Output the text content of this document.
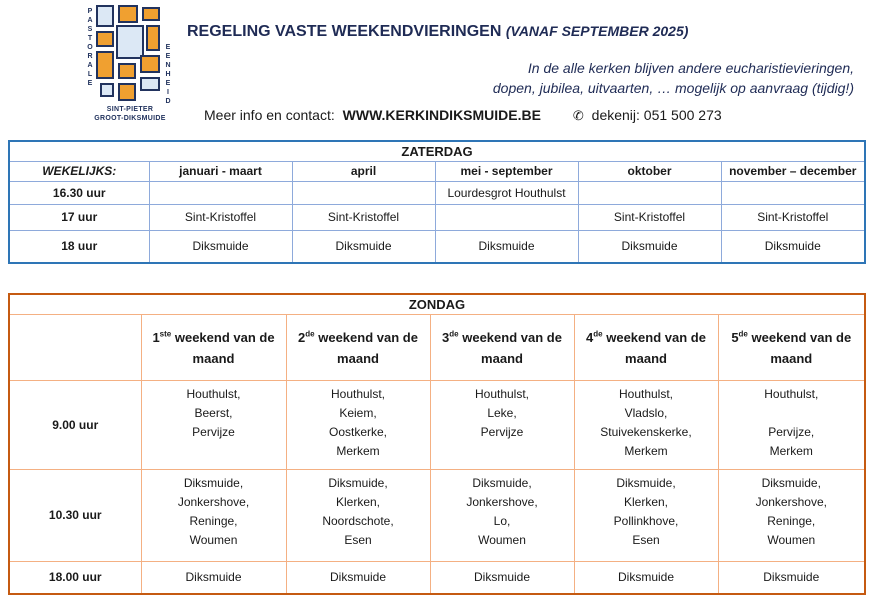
P
A
S
T
O
R
A
L
E
E
E
N
H
E
I
D
SINT-PIETER
GROOT-DIKSMUIDE
REGELING VASTE WEEKENDVIERINGEN (VANAF SEPTEMBER 2025)
In de alle kerken blijven andere eucharistievieringen,
dopen, jubilea, uitvaarten, … mogelijk op aanvraag (tijdig!)
Meer info en contact: WWW.KERKINDIKSMUIDE.BE ✆ dekenij: 051 500 273
ZATERDAG					
WEKELIJKS:	januari - maart	april	mei - september	oktober	november – december
16.30 uur			Lourdesgrot Houthulst		
17 uur	Sint-Kristoffel	Sint-Kristoffel		Sint-Kristoffel	Sint-Kristoffel
18 uur	Diksmuide	Diksmuide	Diksmuide	Diksmuide	Diksmuide
ZONDAG					
	1ste weekend van de
maand	2de weekend van de
maand	3de weekend van de
maand	4de weekend van de
maand	5de weekend van de
maand
9.00 uur	Houthulst,
Beerst,
Pervijze	Houthulst,
Keiem,
Oostkerke,
Merkem	Houthulst,
Leke,
Pervijze	Houthulst,
Vladslo,
Stuivekenskerke,
Merkem	Houthulst,

Pervijze,
Merkem

10.30 uur	Diksmuide,
Jonkershove,
Reninge,
Woumen	Diksmuide,
Klerken,
Noordschote,
Esen	Diksmuide,
Jonkershove,
Lo,
Woumen	Diksmuide,
Klerken,
Pollinkhove,
Esen	Diksmuide,
Jonkershove,
Reninge,
Woumen

18.00 uur	Diksmuide	Diksmuide	Diksmuide	Diksmuide	Diksmuide
